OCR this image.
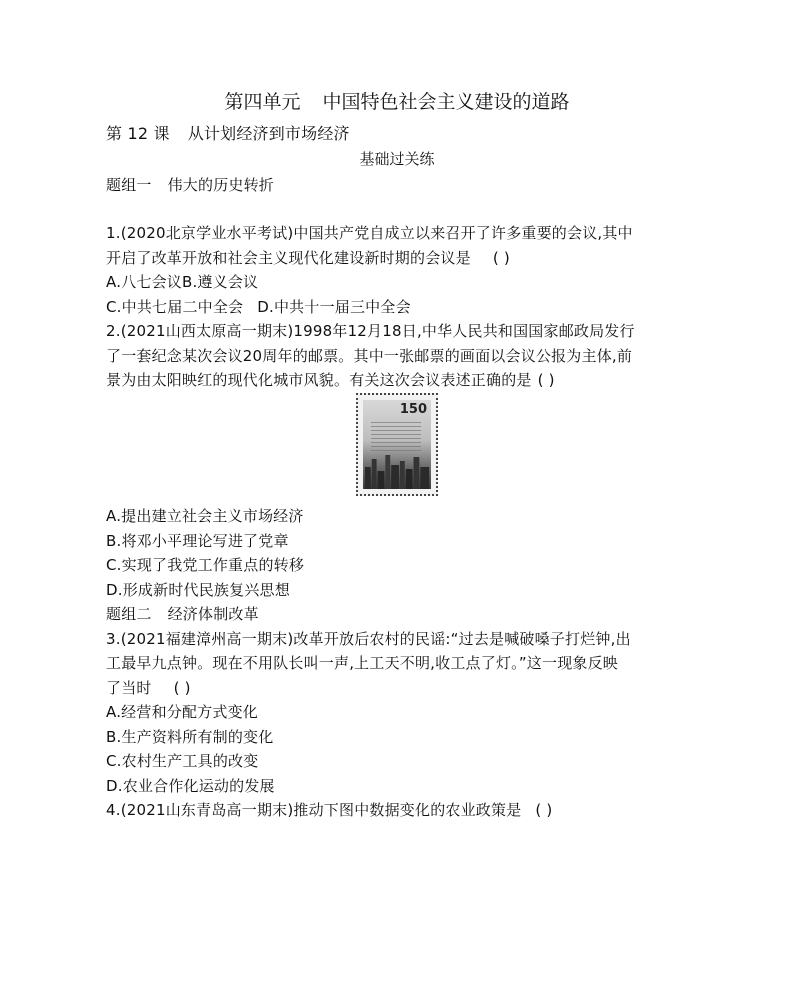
第四单元 中国特色社会主义建设的道路
第 12 课 从计划经济到市场经济
基础过关练
题组一 伟大的历史转折
1.(2020北京学业水平考试)中国共产党自成立以来召开了许多重要的会议,其中
开启了改革开放和社会主义现代化建设新时期的会议是 ( )
A.八七会议B.遵义会议
C.中共七届二中全会 D.中共十一届三中全会
2.(2021山西太原高一期末)1998年12月18日,中华人民共和国国家邮政局发行
了一套纪念某次会议20周年的邮票。其中一张邮票的画面以会议公报为主体,前
景为由太阳映红的现代化城市风貌。有关这次会议表述正确的是 ( )
150
A.提出建立社会主义市场经济
B.将邓小平理论写进了党章
C.实现了我党工作重点的转移
D.形成新时代民族复兴思想
题组二 经济体制改革
3.(2021福建漳州高一期末)改革开放后农村的民谣:“过去是喊破嗓子打烂钟,出
工最早九点钟。现在不用队长叫一声,上工天不明,收工点了灯。”这一现象反映
了当时 ( )
A.经营和分配方式变化
B.生产资料所有制的变化
C.农村生产工具的改变
D.农业合作化运动的发展
4.(2021山东青岛高一期末)推动下图中数据变化的农业政策是 ( )
